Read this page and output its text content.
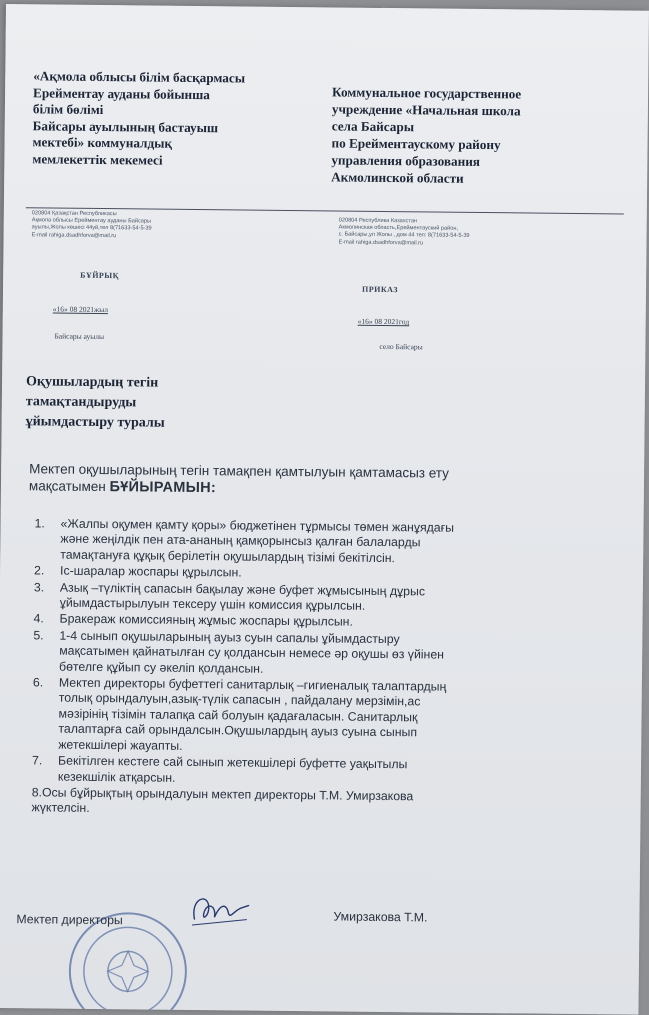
«Ақмола облысы білім басқармасы
Ерейментау ауданы бойынша
білім бөлімі
Байсары ауылының бастауыш
мектебі» коммуналдық
мемлекеттік мекемесі
Коммунальное государственное
учреждение «Начальная школа
села Байсары
по Ерейментаускому району
управления образования
Акмолинской области
020804 Қазақстан Республикасы
Ақмола облысы Ерейментау ауданы Байсары
ауылы,Жолы көшесі 44уй,тел 8(71633-54-5-39
E-mail rahiga.dsadhforva@mail.ru
020804 Республика Казахстан
Акмолинская область,Ерейментауский район,
с. Байсары,ул Жолы , дом 44 тел: 8(71633-54-5-39
E-mail rahiga.dsadhforva@mail.ru
БҰЙРЫҚ
ПРИКАЗ
«16» 08 2021жыл
«16» 08 2021год
Байсары ауылы
село Байсары
Оқушылардың тегін
тамақтандыруды
ұйымдастыру туралы
Мектеп оқушыларының тегін тамақпен қамтылуын қамтамасыз ету
мақсатымен БҰЙЫРАМЫН:
1. «Жалпы оқумен қамту қоры» бюджетінен тұрмысы төмен жанұядағы
және жеңілдік пен ата-ананың қамқорынсыз қалған балаларды
тамақтануға құқық берілетін оқушылардың тізімі бекітілсін.
2. Іс-шаралар жоспары құрылсын.
3. Азық –түліктің сапасын бақылау және буфет жұмысының дұрыс
ұйымдастырылуын тексеру үшін комиссия құрылсын.
4. Бракераж комиссияның жұмыс жоспары құрылсын.
5. 1-4 сынып оқушыларының ауыз суын сапалы ұйымдастыру
мақсатымен қайнатылған су қолдансын немесе әр оқушы өз үйінен
бөтелге құйып су әкеліп қолдансын.
6. Мектеп директоры буфеттегі санитарлық –гигиеналық талаптардың
толық орындалуын,азық-түлік сапасын , пайдалану мерзімін,ас
мәзірінің тізімін талапқа сай болуын қадағаласын. Санитарлық
талаптарға сай орындалсын.Оқушылардың ауыз суына сынып
жетекшілері жауапты.
7. Бекітілген кестеге сай сынып жетекшілері буфетте уақытылы
кезекшілік атқарсын.
8.Осы бұйрықтың орындалуын мектеп директоры Т.М. Умирзакова
жүктелсін.
Мектеп директоры	Умирзакова Т.М.
